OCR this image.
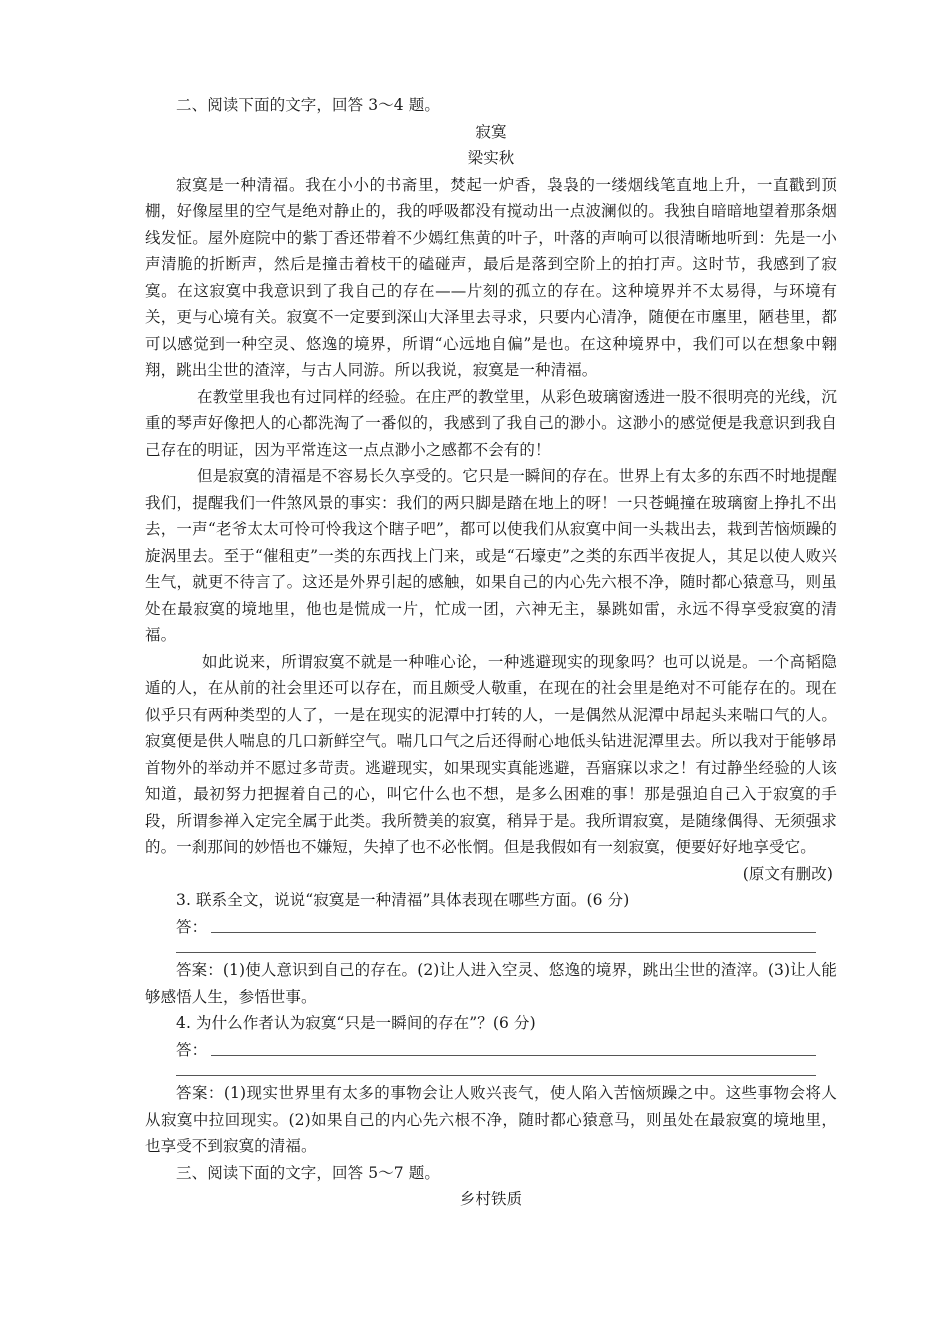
二、阅读下面的文字，回答 3～4 题。
寂寞
梁实秋

寂寞是一种清福。我在小小的书斋里，焚起一炉香，袅袅的一缕烟线笔直地上升，一直戳到顶棚，好像屋里的空气是绝对静止的，我的呼吸都没有搅动出一点波澜似的。我独自暗暗地望着那条烟线发怔。屋外庭院中的紫丁香还带着不少嫣红焦黄的叶子，叶落的声响可以很清晰地听到：先是一小声清脆的折断声，然后是撞击着枝干的磕碰声，最后是落到空阶上的拍打声。这时节，我感到了寂寞。在这寂寞中我意识到了我自己的存在——片刻的孤立的存在。这种境界并不太易得，与环境有关，更与心境有关。寂寞不一定要到深山大泽里去寻求，只要内心清净，随便在市廛里，陋巷里，都可以感觉到一种空灵、悠逸的境界，所谓“心远地自偏”是也。在这种境界中，我们可以在想象中翱翔，跳出尘世的渣滓，与古人同游。所以我说，寂寞是一种清福。

在教堂里我也有过同样的经验。在庄严的教堂里，从彩色玻璃窗透进一股不很明亮的光线，沉重的琴声好像把人的心都洗淘了一番似的，我感到了我自己的渺小。这渺小的感觉便是我意识到我自己存在的明证，因为平常连这一点点渺小之感都不会有的！

但是寂寞的清福是不容易长久享受的。它只是一瞬间的存在。世界上有太多的东西不时地提醒我们，提醒我们一件煞风景的事实：我们的两只脚是踏在地上的呀！一只苍蝇撞在玻璃窗上挣扎不出去，一声“老爷太太可怜可怜我这个瞎子吧”，都可以使我们从寂寞中间一头栽出去，栽到苦恼烦躁的旋涡里去。至于“催租吏”一类的东西找上门来，或是“石壕吏”之类的东西半夜捉人，其足以使人败兴生气，就更不待言了。这还是外界引起的感触，如果自己的内心先六根不净，随时都心猿意马，则虽处在最寂寞的境地里，他也是慌成一片，忙成一团，六神无主，暴跳如雷，永远不得享受寂寞的清福。

如此说来，所谓寂寞不就是一种唯心论，一种逃避现实的现象吗？也可以说是。一个高韬隐遁的人，在从前的社会里还可以存在，而且颇受人敬重，在现在的社会里是绝对不可能存在的。现在似乎只有两种类型的人了，一是在现实的泥潭中打转的人，一是偶然从泥潭中昂起头来喘口气的人。寂寞便是供人喘息的几口新鲜空气。喘几口气之后还得耐心地低头钻进泥潭里去。所以我对于能够昂首物外的举动并不愿过多苛责。逃避现实，如果现实真能逃避，吾寤寐以求之！有过静坐经验的人该知道，最初努力把握着自己的心，叫它什么也不想，是多么困难的事！那是强迫自己入于寂寞的手段，所谓参禅入定完全属于此类。我所赞美的寂寞，稍异于是。我所谓寂寞，是随缘偶得、无须强求的。一刹那间的妙悟也不嫌短，失掉了也不必怅惘。但是我假如有一刻寂寞，便要好好地享受它。

(原文有删改)
3. 联系全文，说说“寂寞是一种清福”具体表现在哪些方面。(6 分)
答：

答案：(1)使人意识到自己的存在。(2)让人进入空灵、悠逸的境界，跳出尘世的渣滓。(3)让人能够感悟人生，参悟世事。

4. 为什么作者认为寂寞“只是一瞬间的存在”？(6 分)
答：

答案：(1)现实世界里有太多的事物会让人败兴丧气，使人陷入苦恼烦躁之中。这些事物会将人从寂寞中拉回现实。(2)如果自己的内心先六根不净，随时都心猿意马，则虽处在最寂寞的境地里，也享受不到寂寞的清福。

三、阅读下面的文字，回答 5～7 题。
乡村铁质
